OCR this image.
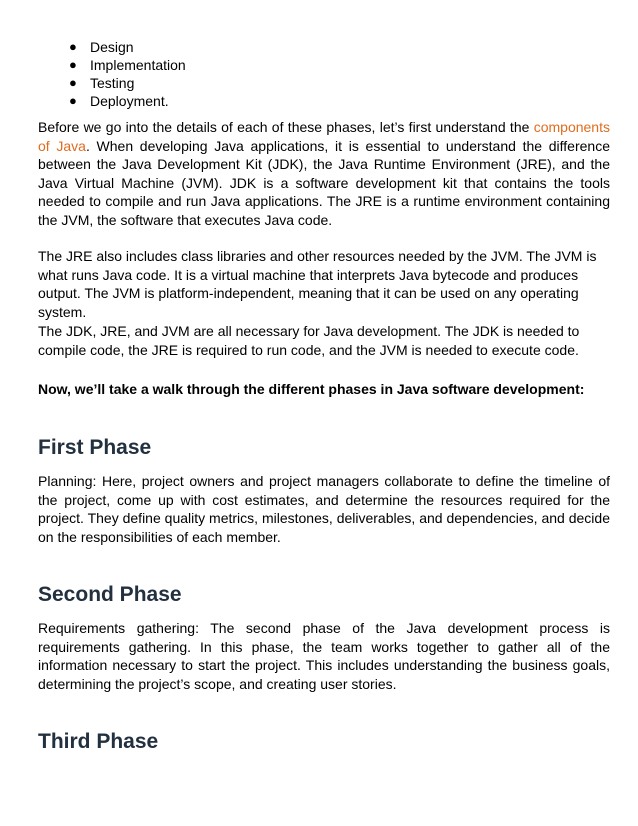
● Design
● Implementation
● Testing
● Deployment.

Before we go into the details of each of these phases, let’s first understand the components of Java. When developing Java applications, it is essential to understand the difference between the Java Development Kit (JDK), the Java Runtime Environment (JRE), and the Java Virtual Machine (JVM). JDK is a software development kit that contains the tools needed to compile and run Java applications. The JRE is a runtime environment containing the JVM, the software that executes Java code.

The JRE also includes class libraries and other resources needed by the JVM. The JVM is what runs Java code. It is a virtual machine that interprets Java bytecode and produces output. The JVM is platform-independent, meaning that it can be used on any operating system.

The JDK, JRE, and JVM are all necessary for Java development. The JDK is needed to compile code, the JRE is required to run code, and the JVM is needed to execute code.

Now, we’ll take a walk through the different phases in Java software development:

First Phase

Planning: Here, project owners and project managers collaborate to define the timeline of the project, come up with cost estimates, and determine the resources required for the project. They define quality metrics, milestones, deliverables, and dependencies, and decide on the responsibilities of each member.

Second Phase

Requirements gathering: The second phase of the Java development process is requirements gathering. In this phase, the team works together to gather all of the information necessary to start the project. This includes understanding the business goals, determining the project’s scope, and creating user stories.

Third Phase
